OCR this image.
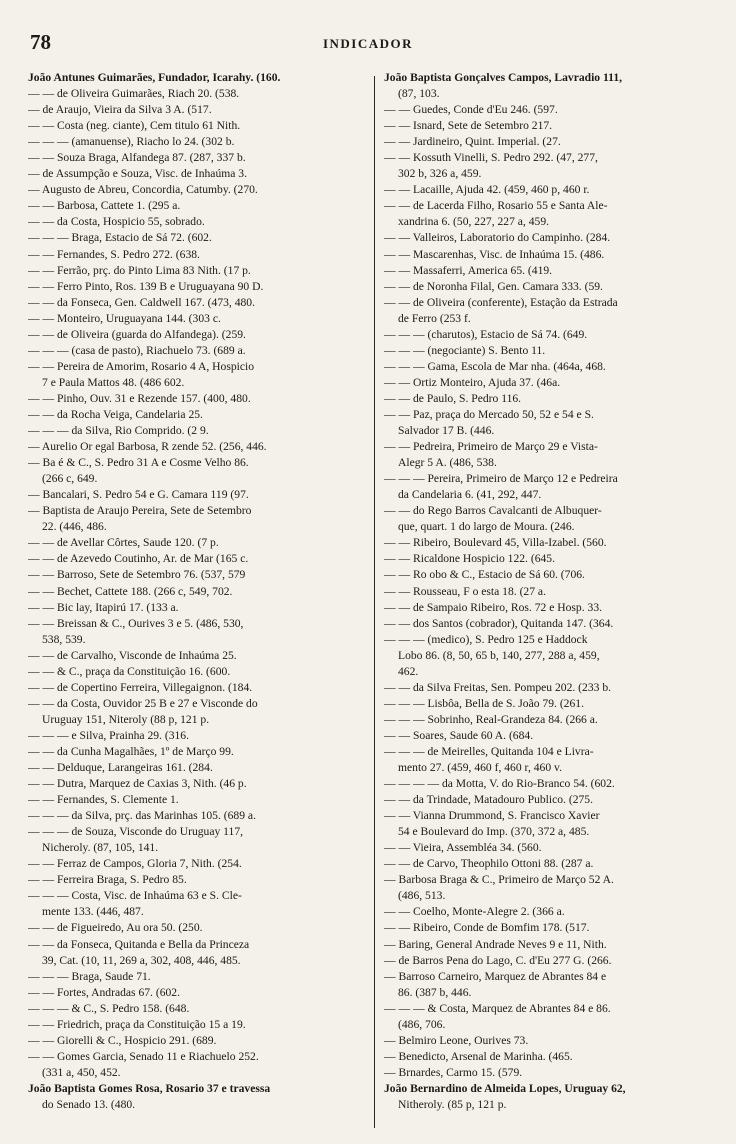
78	INDICADOR
João Antunes Guimarães, Fundador, Icarahy. (160.
— — de Oliveira Guimarães, Riach 20. (538.
— de Araujo, Vieira da Silva 3 A. (517.
— — Costa (neg. ciante), Cem titulo 61 Nith.
— — — (amanuense), Riacho lo 24. (302 b.
— — Souza Braga, Alfandega 87. (287, 337 b.
— de Assumpção e Souza, Visc. de Inhaúma 3.
— Augusto de Abreu, Concordia, Catumby. (270.
— — Barbosa, Cattete 1. (295 a.
— — da Costa, Hospicio 55, sobrado.
— — — Braga, Estacio de Sá 72. (602.
— — Fernandes, S. Pedro 272. (638.
— — Ferrão, prç. do Pinto Lima 83 Nith. (17 p.
— — Ferro Pinto, Ros. 139 B e Uruguayana 90 D.
— — da Fonseca, Gen. Caldwell 167. (473, 480.
— — Monteiro, Uruguayana 144. (303 c.
— — de Oliveira (guarda do Alfandega). (259.
— — — (casa de pasto), Riachuelo 73. (689 a.
— — Pereira de Amorim, Rosario 4 A, Hospicio
7 e Paula Mattos 48. (486 602.
— — Pinho, Ouv. 31 e Rezende 157. (400, 480.
— — da Rocha Veiga, Candelaria 25.
— — — da Silva, Rio Comprido. (2 9.
— Aurelio Or egal Barbosa, R zende 52. (256, 446.
— Ba é & C., S. Pedro 31 A e Cosme Velho 86.
(266 c, 649.
— Bancalari, S. Pedro 54 e G. Camara 119 (97.
— Baptista de Araujo Pereira, Sete de Setembro
22. (446, 486.
— — de Avellar Côrtes, Saude 120. (7 p.
— — de Azevedo Coutinho, Ar. de Mar (165 c.
— — Barroso, Sete de Setembro 76. (537, 579
— — Bechet, Cattete 188. (266 c, 549, 702.
— — Bic lay, Itapirú 17. (133 a.
— — Breissan & C., Ourives 3 e 5. (486, 530,
538, 539.
— — de Carvalho, Visconde de Inhaúma 25.
— — & C., praça da Constituição 16. (600.
— — de Copertino Ferreira, Villegaignon. (184.
— — da Costa, Ouvidor 25 B e 27 e Visconde do
Uruguay 151, Niteroly (88 p, 121 p.
— — — e Silva, Prainha 29. (316.
— — da Cunha Magalhães, 1º de Março 99.
— — Delduque, Larangeiras 161. (284.
— — Dutra, Marquez de Caxias 3, Nith. (46 p.
— — Fernandes, S. Clemente 1.
— — — da Silva, prç. das Marinhas 105. (689 a.
— — — de Souza, Visconde do Uruguay 117,
Nicheroly. (87, 105, 141.
— — Ferraz de Campos, Gloria 7, Nith. (254.
— — Ferreira Braga, S. Pedro 85.
— — — Costa, Visc. de Inhaúma 63 e S. Cle-
mente 133. (446, 487.
— — de Figueiredo, Au ora 50. (250.
— — da Fonseca, Quitanda e Bella da Princeza
39, Cat. (10, 11, 269 a, 302, 408, 446, 485.
— — — Braga, Saude 71.
— — Fortes, Andradas 67. (602.
— — — & C., S. Pedro 158. (648.
— — Friedrich, praça da Constituição 15 a 19.
— — Giorelli & C., Hospicio 291. (689.
— — Gomes Garcia, Senado 11 e Riachuelo 252.
(331 a, 450, 452.
João Baptista Gomes Rosa, Rosario 37 e travessa
do Senado 13. (480.
João Baptista Gonçalves Campos, Lavradio 111,
(87, 103.
— — Guedes, Conde d'Eu 246. (597.
— — Isnard, Sete de Setembro 217.
— — Jardineiro, Quint. Imperial. (27.
— — Kossuth Vinelli, S. Pedro 292. (47, 277,
302 b, 326 a, 459.
— — Lacaille, Ajuda 42. (459, 460 p, 460 r.
— — de Lacerda Filho, Rosario 55 e Santa Ale-
xandrina 6. (50, 227, 227 a, 459.
— — Valleiros, Laboratorio do Campinho. (284.
— — Mascarenhas, Visc. de Inhaúma 15. (486.
— — Massaferri, America 65. (419.
— — de Noronha Filal, Gen. Camara 333. (59.
— — de Oliveira (conferente), Estação da Estrada
de Ferro (253 f.
— — — (charutos), Estacio de Sá 74. (649.
— — — (negociante) S. Bento 11.
— — — Gama, Escola de Mar nha. (464a, 468.
— — Ortiz Monteiro, Ajuda 37. (46a.
— — de Paulo, S. Pedro 116.
— — Paz, praça do Mercado 50, 52 e 54 e S.
Salvador 17 B. (446.
— — Pedreira, Primeiro de Março 29 e Vista-
Alegr 5 A. (486, 538.
— — — Pereira, Primeiro de Março 12 e Pedreira
da Candelaria 6. (41, 292, 447.
— — do Rego Barros Cavalcanti de Albuquer-
que, quart. 1 do largo de Moura. (246.
— — Ribeiro, Boulevard 45, Villa-Izabel. (560.
— — Ricaldone Hospicio 122. (645.
— — Ro obo & C., Estacio de Sá 60. (706.
— — Rousseau, F o esta 18. (27 a.
— — de Sampaio Ribeiro, Ros. 72 e Hosp. 33.
— — dos Santos (cobrador), Quitanda 147. (364.
— — — (medico), S. Pedro 125 e Haddock
Lobo 86. (8, 50, 65 b, 140, 277, 288 a, 459,
462.
— — da Silva Freitas, Sen. Pompeu 202. (233 b.
— — — Lisbôa, Bella de S. João 79. (261.
— — — Sobrinho, Real-Grandeza 84. (266 a.
— — Soares, Saude 60 A. (684.
— — — de Meirelles, Quitanda 104 e Livra-
mento 27. (459, 460 f, 460 r, 460 v.
— — — — da Motta, V. do Rio-Branco 54. (602.
— — da Trindade, Matadouro Publico. (275.
— — Vianna Drummond, S. Francisco Xavier
54 e Boulevard do Imp. (370, 372 a, 485.
— — Vieira, Assembléa 34. (560.
— — de Carvo, Theophilo Ottoni 88. (287 a.
— Barbosa Braga & C., Primeiro de Março 52 A.
(486, 513.
— — Coelho, Monte-Alegre 2. (366 a.
— — Ribeiro, Conde de Bomfim 178. (517.
— Baring, General Andrade Neves 9 e 11, Nith.
— de Barros Pena do Lago, C. d'Eu 277 G. (266.
— Barroso Carneiro, Marquez de Abrantes 84 e
86. (387 b, 446.
— — — & Costa, Marquez de Abrantes 84 e 86.
(486, 706.
— Belmiro Leone, Ourives 73.
— Benedicto, Arsenal de Marinha. (465.
— Brnardes, Carmo 15. (579.
João Bernardino de Almeida Lopes, Uruguay 62,
Nitheroly. (85 p, 121 p.
